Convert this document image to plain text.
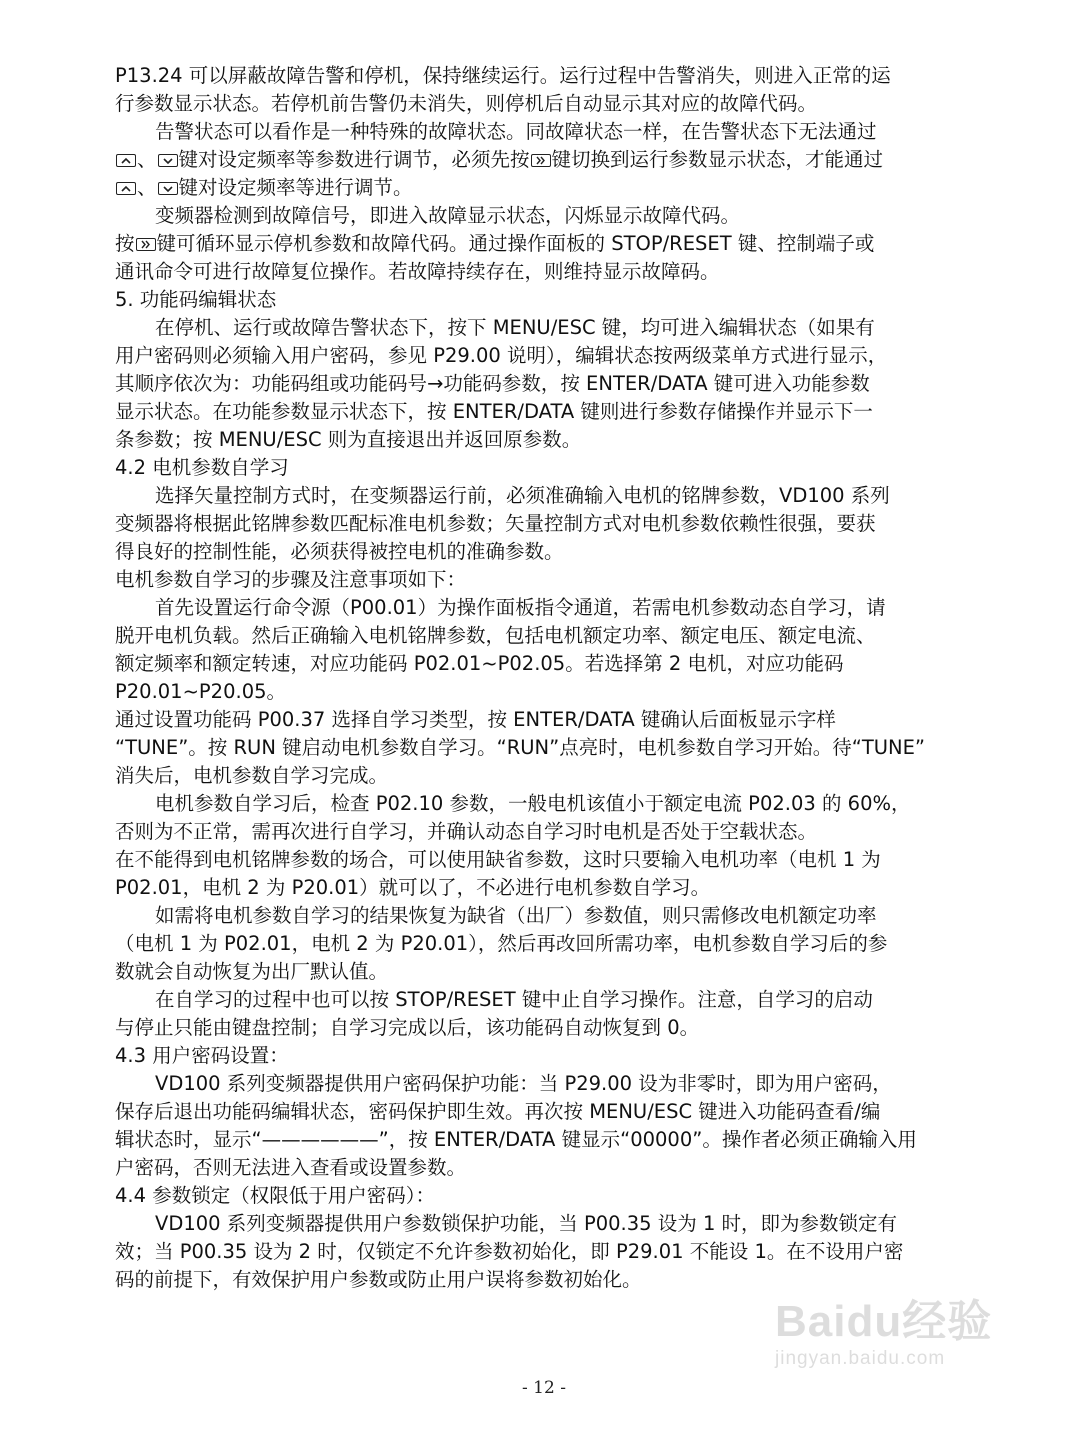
P13.24 可以屏蔽故障告警和停机，保持继续运行。运行过程中告警消失，则进入正常的运
行参数显示状态。若停机前告警仍未消失，则停机后自动显示其对应的故障代码。
告警状态可以看作是一种特殊的故障状态。同故障状态一样，在告警状态下无法通过
、 键对设定频率等参数进行调节，必须先按 键切换到运行参数显示状态，才能通过
、 键对设定频率等进行调节。
变频器检测到故障信号，即进入故障显示状态，闪烁显示故障代码。
按 键可循环显示停机参数和故障代码。通过操作面板的 STOP/RESET 键、控制端子或
通讯命令可进行故障复位操作。若故障持续存在，则维持显示故障码。
5. 功能码编辑状态
在停机、运行或故障告警状态下，按下 MENU/ESC 键，均可进入编辑状态（如果有
用户密码则必须输入用户密码，参见 P29.00 说明），编辑状态按两级菜单方式进行显示，
其顺序依次为：功能码组或功能码号→功能码参数，按 ENTER/DATA 键可进入功能参数
显示状态。在功能参数显示状态下，按 ENTER/DATA 键则进行参数存储操作并显示下一
条参数；按 MENU/ESC 则为直接退出并返回原参数。
4.2 电机参数自学习
选择矢量控制方式时，在变频器运行前，必须准确输入电机的铭牌参数，VD100 系列
变频器将根据此铭牌参数匹配标准电机参数；矢量控制方式对电机参数依赖性很强，要获
得良好的控制性能，必须获得被控电机的准确参数。
电机参数自学习的步骤及注意事项如下：
首先设置运行命令源（P00.01）为操作面板指令通道，若需电机参数动态自学习，请
脱开电机负载。然后正确输入电机铭牌参数，包括电机额定功率、额定电压、额定电流、
额定频率和额定转速，对应功能码 P02.01~P02.05。若选择第 2 电机，对应功能码
P20.01~P20.05。
通过设置功能码 P00.37 选择自学习类型，按 ENTER/DATA 键确认后面板显示字样
“TUNE”。按 RUN 键启动电机参数自学习。“RUN”点亮时，电机参数自学习开始。待“TUNE”
消失后，电机参数自学习完成。
电机参数自学习后，检查 P02.10 参数，一般电机该值小于额定电流 P02.03 的 60%，
否则为不正常，需再次进行自学习，并确认动态自学习时电机是否处于空载状态。
在不能得到电机铭牌参数的场合，可以使用缺省参数，这时只要输入电机功率（电机 1 为
P02.01，电机 2 为 P20.01）就可以了，不必进行电机参数自学习。
如需将电机参数自学习的结果恢复为缺省（出厂）参数值，则只需修改电机额定功率
（电机 1 为 P02.01，电机 2 为 P20.01），然后再改回所需功率，电机参数自学习后的参
数就会自动恢复为出厂默认值。
在自学习的过程中也可以按 STOP/RESET 键中止自学习操作。注意，自学习的启动
与停止只能由键盘控制；自学习完成以后，该功能码自动恢复到 0。
4.3 用户密码设置：
VD100 系列变频器提供用户密码保护功能：当 P29.00 设为非零时，即为用户密码，
保存后退出功能码编辑状态，密码保护即生效。再次按 MENU/ESC 键进入功能码查看/编
辑状态时，显示“——————”，按 ENTER/DATA 键显示“00000”。操作者必须正确输入用
户密码，否则无法进入查看或设置参数。
4.4 参数锁定（权限低于用户密码）：
VD100 系列变频器提供用户参数锁保护功能，当 P00.35 设为 1 时，即为参数锁定有
效；当 P00.35 设为 2 时，仅锁定不允许参数初始化，即 P29.01 不能设 1。在不设用户密
码的前提下，有效保护用户参数或防止用户误将参数初始化。
Baidu经验
jingyan.baidu.com
- 12 -
